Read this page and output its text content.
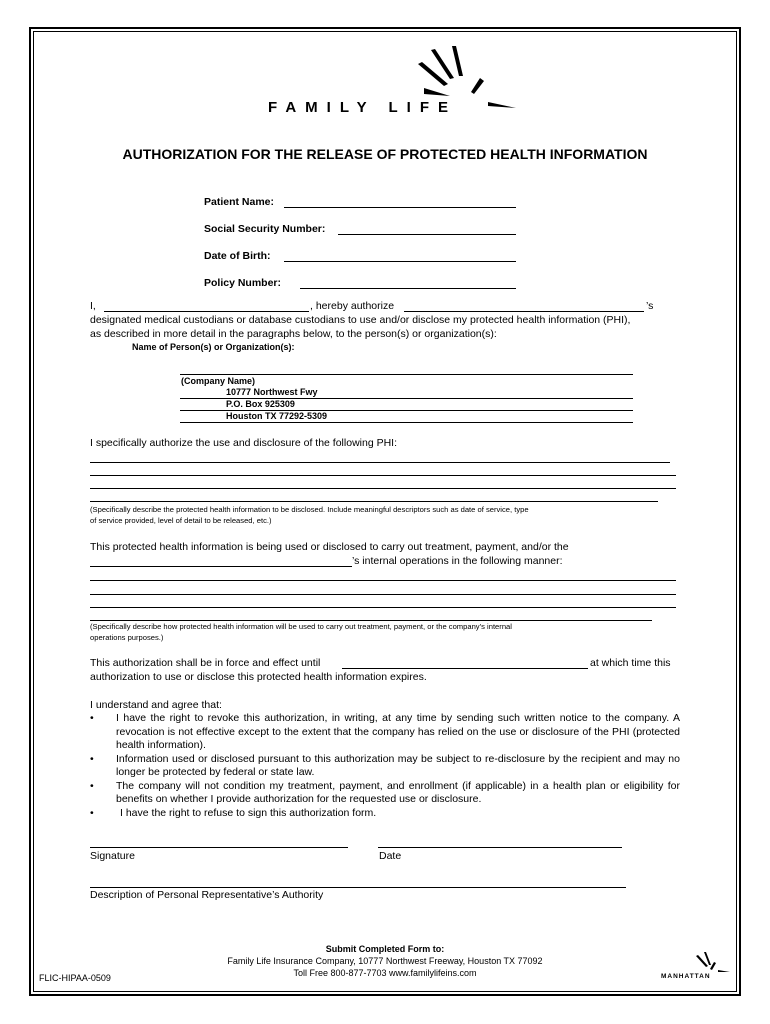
FAMILY LIFE
AUTHORIZATION FOR THE RELEASE OF PROTECTED HEALTH INFORMATION
Patient Name:
Social Security Number:
Date of Birth:
Policy Number:
I,	, hereby authorize	’s
designated medical custodians or database custodians to use and/or disclose my protected health information (PHI),
as described in more detail in the paragraphs below, to the person(s) or organization(s):
Name of Person(s) or Organization(s):
(Company Name)
10777 Northwest Fwy
P.O. Box 925309
Houston TX 77292-5309
I specifically authorize the use and disclosure of the following PHI:
(Specifically describe the protected health information to be disclosed. Include meaningful descriptors such as date of service, type
of service provided, level of detail to be released, etc.)
This protected health information is being used or disclosed to carry out treatment, payment, and/or the
’s internal operations in the following manner:
(Specifically describe how protected health information will be used to carry out treatment, payment, or the company’s internal
operations purposes.)
This authorization shall be in force and effect until	at which time this
authorization to use or disclose this protected health information expires.
I understand and agree that:
• I have the right to revoke this authorization, in writing, at any time by sending such written notice to the company. A revocation is not effective except to the extent that the company has relied on the use or disclosure of the PHI (protected health information).
• Information used or disclosed pursuant to this authorization may be subject to re-disclosure by the recipient and may no longer be protected by federal or state law.
• The company will not condition my treatment, payment, and enrollment (if applicable) in a health plan or eligibility for benefits on whether I provide authorization for the requested use or disclosure.
•	I have the right to refuse to sign this authorization form.
Signature	Date
Description of Personal Representative’s Authority
Submit Completed Form to:
Family Life Insurance Company, 10777 Northwest Freeway, Houston TX 77092
Toll Free 800-877-7703 www.familylifeins.com
FLIC-HIPAA-0509	MANHATTAN
